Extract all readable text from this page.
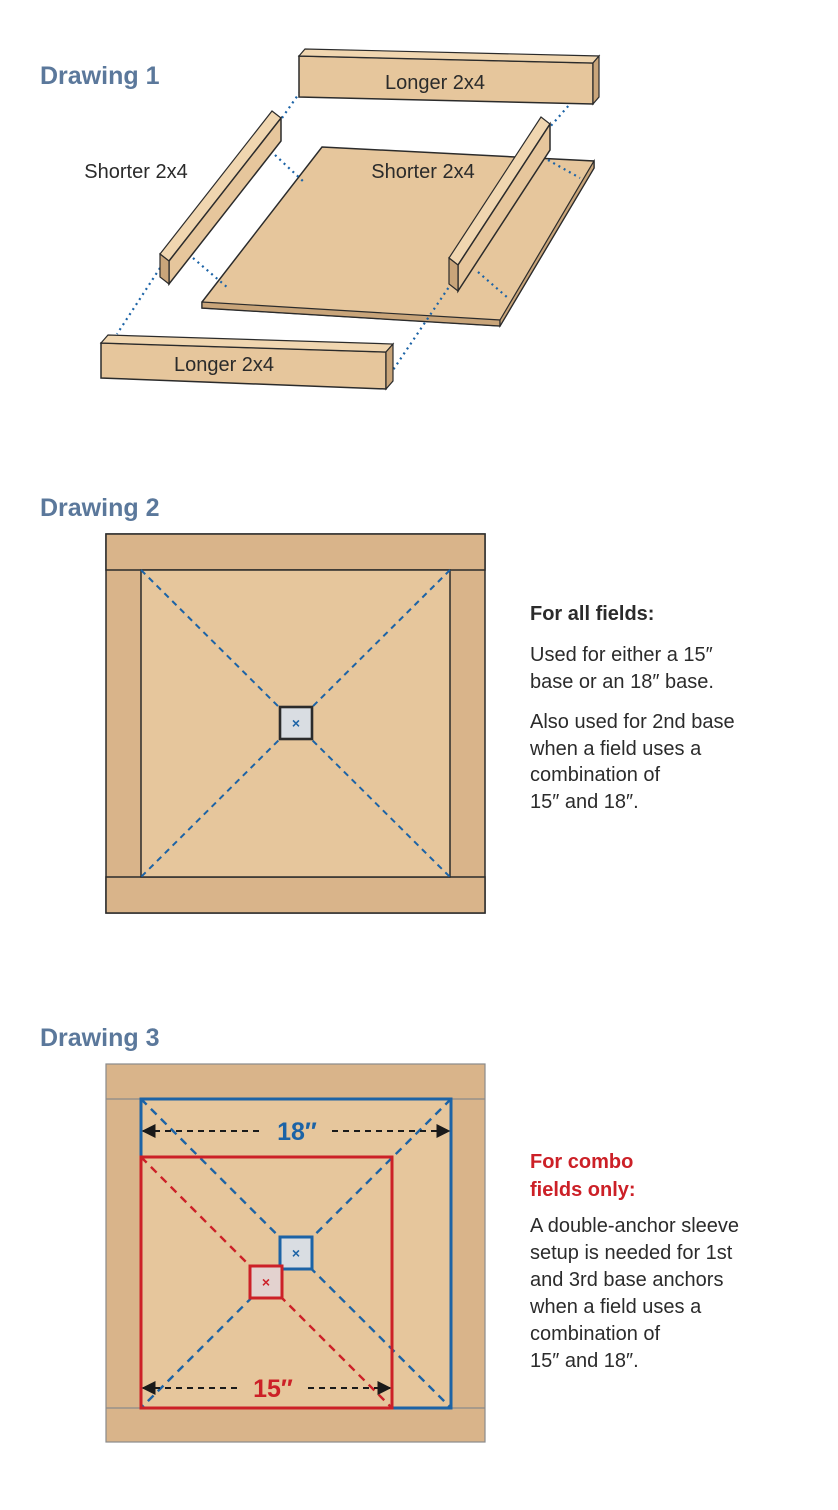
Drawing 1	Longer 2x4
Shorter 2x4	Shorter 2x4
Longer 2x4
Drawing 2
×
For all fields:
Used for either a 15″
base or an 18″ base.
Also used for 2nd base
when a field uses a
combination of
15″ and 18″.
Drawing 3
×
×
18″
15″
For combo
fields only:
A double-anchor sleeve
setup is needed for 1st
and 3rd base anchors
when a field uses a
combination of
15″ and 18″.
